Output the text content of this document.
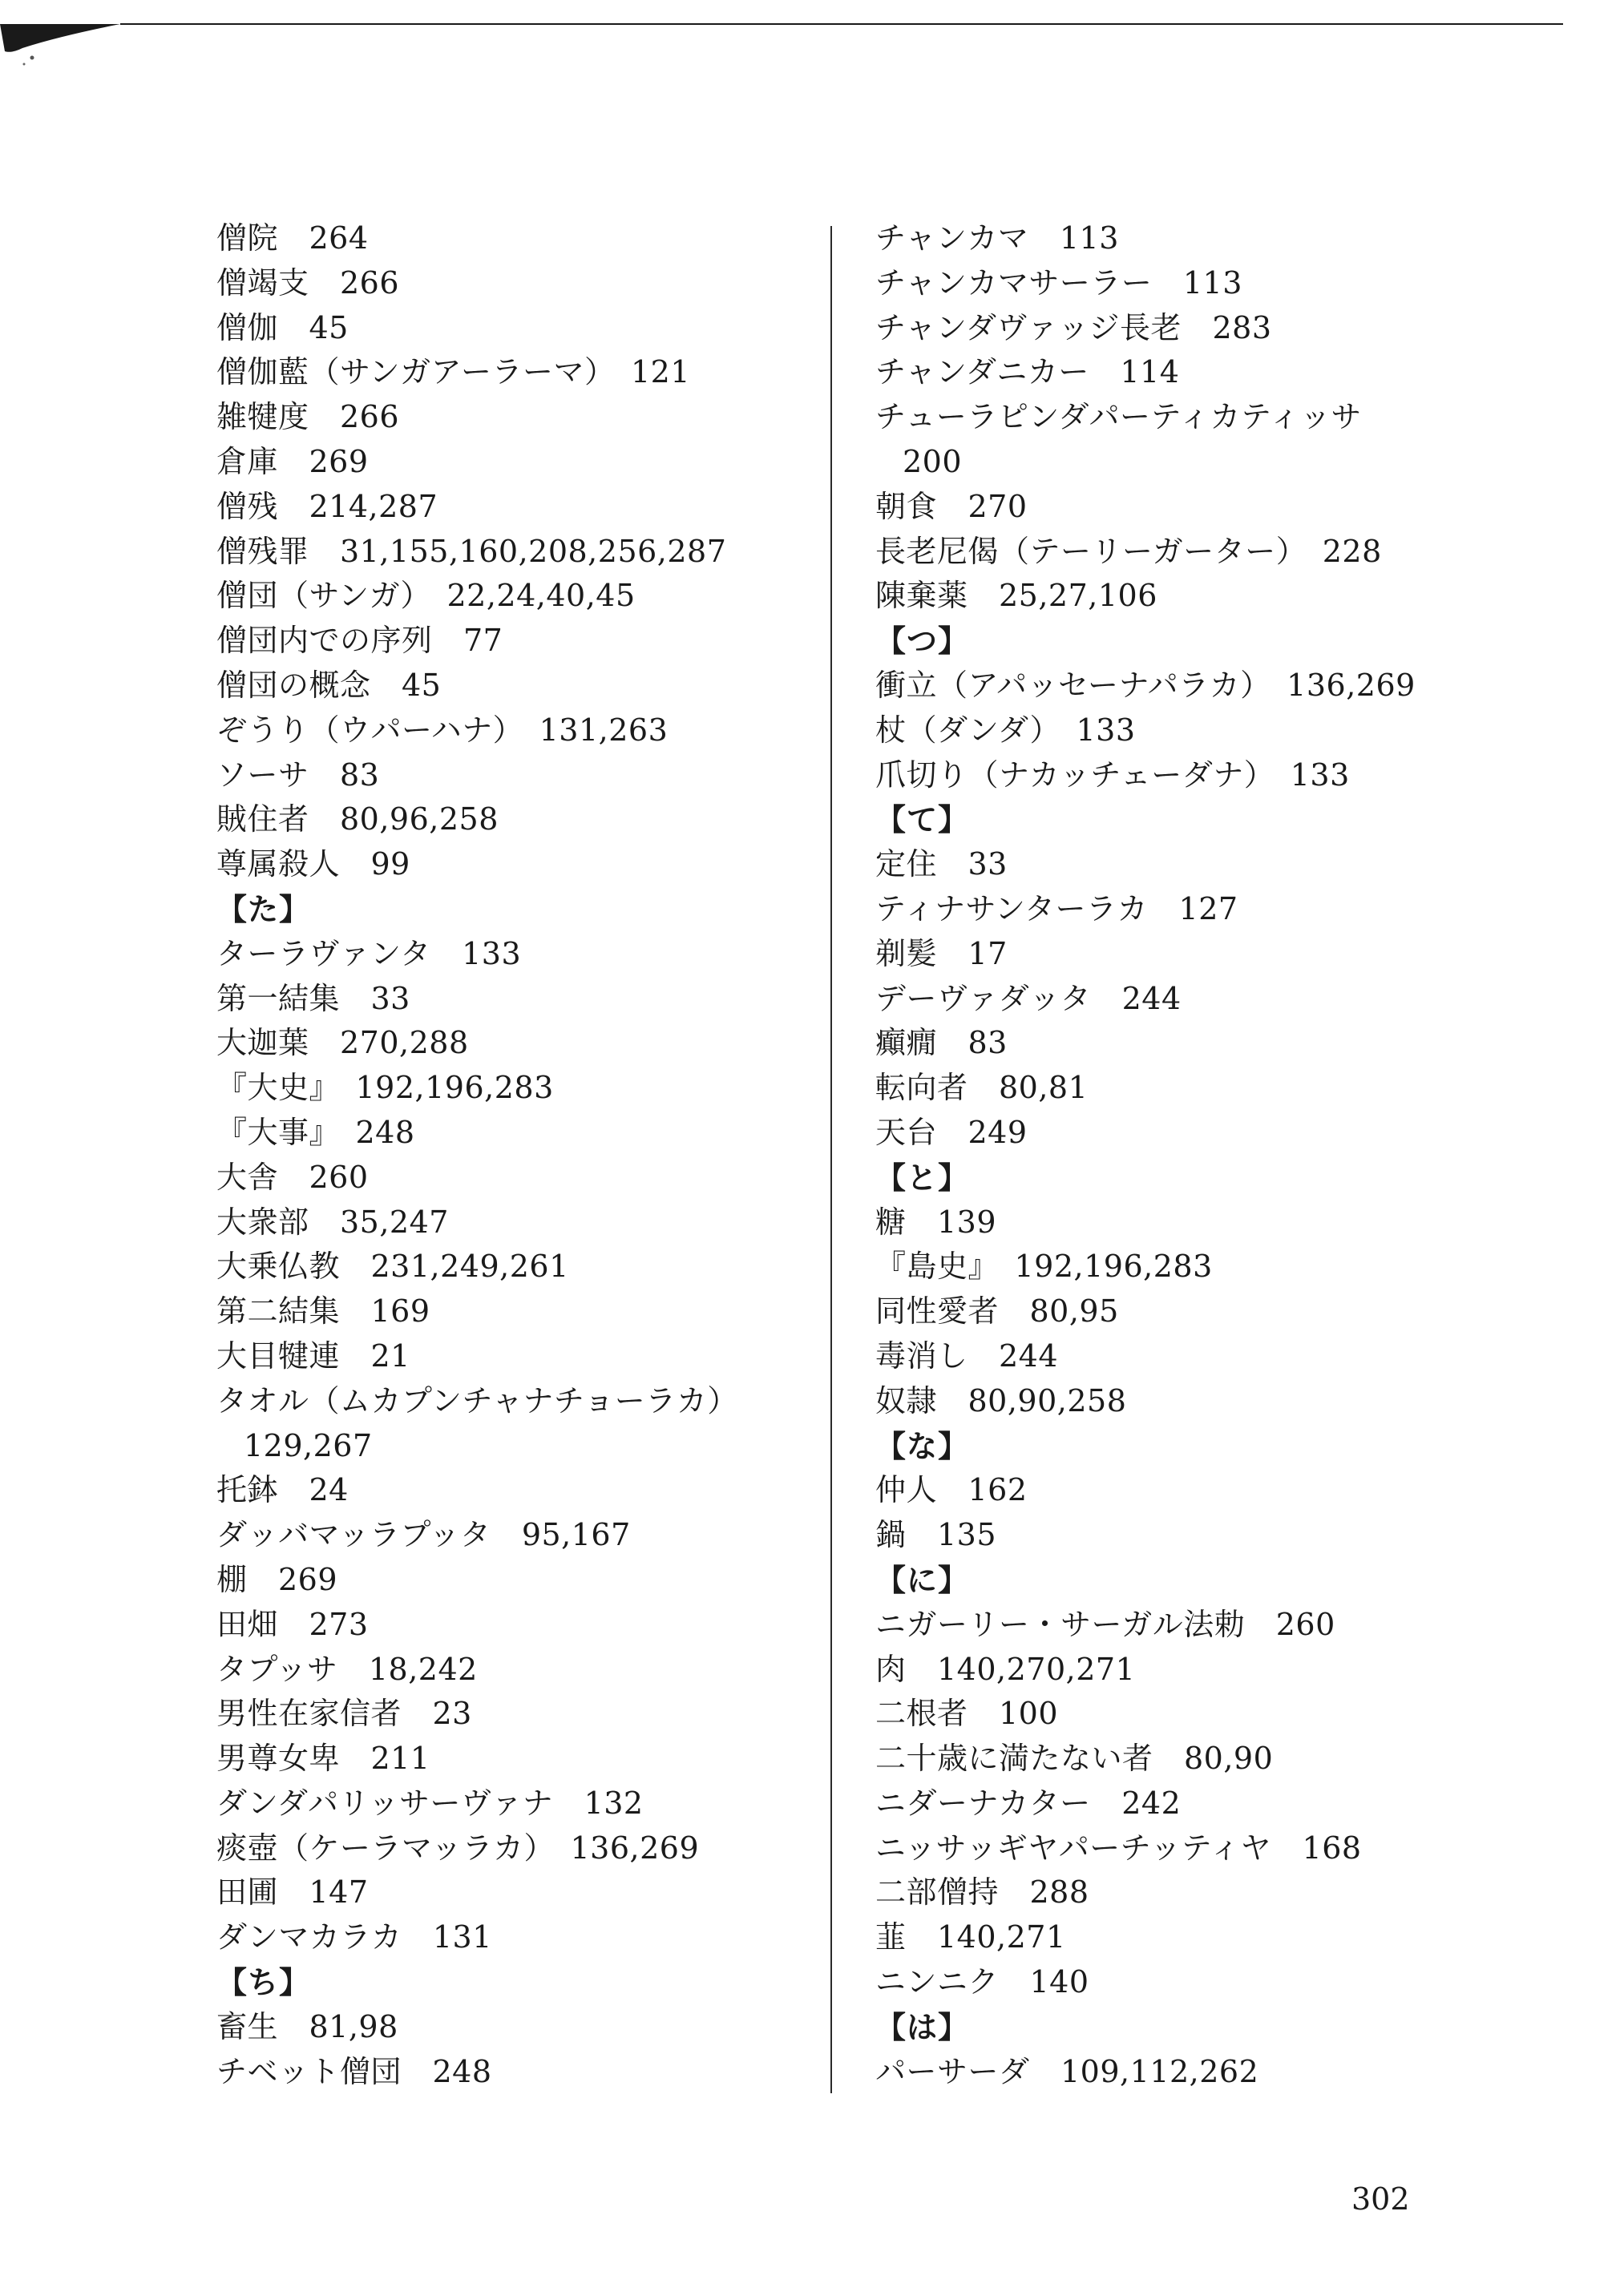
僧院　264
僧竭支　266
僧伽　45
僧伽藍（サンガアーラーマ）　121
雑犍度　266
倉庫　269
僧残　214,287
僧残罪　31,155,160,208,256,287
僧団（サンガ）　22,24,40,45
僧団内での序列　77
僧団の概念　45
ぞうり（ウパーハナ）　131,263
ソーサ　83
賊住者　80,96,258
尊属殺人　99
【た】
ターラヴァンタ　133
第一結集　33
大迦葉　270,288
『大史』　192,196,283
『大事』　248
大舎　260
大衆部　35,247
大乗仏教　231,249,261
第二結集　169
大目犍連　21
タオル（ムカプンチャナチョーラカ）
129,267
托鉢　24
ダッバマッラプッタ　95,167
棚　269
田畑　273
タプッサ　18,242
男性在家信者　23
男尊女卑　211
ダンダパリッサーヴァナ　132
痰壺（ケーラマッラカ）　136,269
田圃　147
ダンマカラカ　131
【ち】
畜生　81,98
チベット僧団　248
チャンカマ　113
チャンカマサーラー　113
チャンダヴァッジ長老　283
チャンダニカー　114
チューラピンダパーティカティッサ
200
朝食　270
長老尼偈（テーリーガーター）　228
陳棄薬　25,27,106
【つ】
衝立（アパッセーナパラカ）　136,269
杖（ダンダ）　133
爪切り（ナカッチェーダナ）　133
【て】
定住　33
ティナサンターラカ　127
剃髪　17
デーヴァダッタ　244
癲癇　83
転向者　80,81
天台　249
【と】
糖　139
『島史』　192,196,283
同性愛者　80,95
毒消し　244
奴隷　80,90,258
【な】
仲人　162
鍋　135
【に】
ニガーリー・サーガル法勅　260
肉　140,270,271
二根者　100
二十歳に満たない者　80,90
ニダーナカター　242
ニッサッギヤパーチッティヤ　168
二部僧持　288
韮　140,271
ニンニク　140
【は】
パーサーダ　109,112,262
302
